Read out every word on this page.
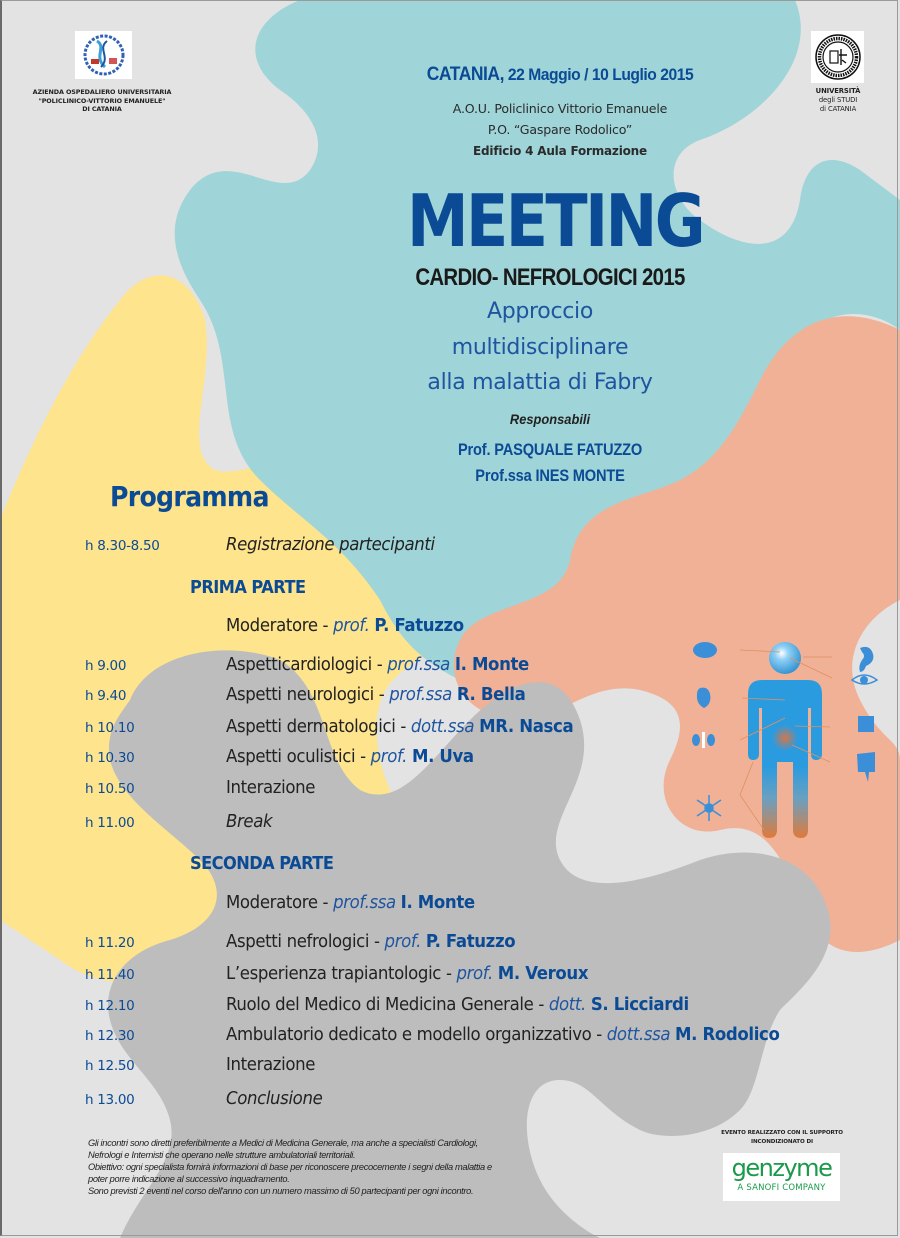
AZIENDA OSPEDALIERO UNIVERSITARIA
"POLICLINICO-VITTORIO EMANUELE"
DI CATANIA
UNIVERSITÀ
degli STUDI
di CATANIA
CATANIA, 22 Maggio / 10 Luglio 2015
A.O.U. Policlinico Vittorio Emanuele
P.O. “Gaspare Rodolico”
Edificio 4 Aula Formazione
MEETING
CARDIO- NEFROLOGICI 2015
Approccio
multidisciplinare
alla malattia di Fabry
Responsabili
Prof. PASQUALE FATUZZO
Prof.ssa INES MONTE
Programma
h 8.30-8.50	Registrazione partecipanti
PRIMA PARTE
Moderatore - prof. P. Fatuzzo
h 9.00	Aspetticardiologici - prof.ssa I. Monte
h 9.40	Aspetti neurologici - prof.ssa R. Bella
h 10.10	Aspetti dermatologici - dott.ssa MR. Nasca
h 10.30	Aspetti oculistici - prof. M. Uva
h 10.50	Interazione
h 11.00	Break
SECONDA PARTE
Moderatore - prof.ssa I. Monte
h 11.20	Aspetti nefrologici - prof. P. Fatuzzo
h 11.40	L’esperienza trapiantologic - prof. M. Veroux
h 12.10	Ruolo del Medico di Medicina Generale - dott. S. Licciardi
h 12.30	Ambulatorio dedicato e modello organizzativo - dott.ssa M. Rodolico
h 12.50	Interazione
h 13.00	Conclusione
Gli incontri sono diretti preferibilmente a Medici di Medicina Generale, ma anche a specialisti Cardiologi,
Nefrologi e Internisti che operano nelle strutture ambulatoriali territoriali.
Obiettivo: ogni specialista fornirà informazioni di base per riconoscere precocemente i segni della malattia e
poter porre indicazione al successivo inquadramento.
Sono previsti 2 eventi nel corso dell'anno con un numero massimo di 50 partecipanti per ogni incontro.
EVENTO REALIZZATO CON IL SUPPORTO
INCONDIZIONATO DI
genzyme
A SANOFI COMPANY
